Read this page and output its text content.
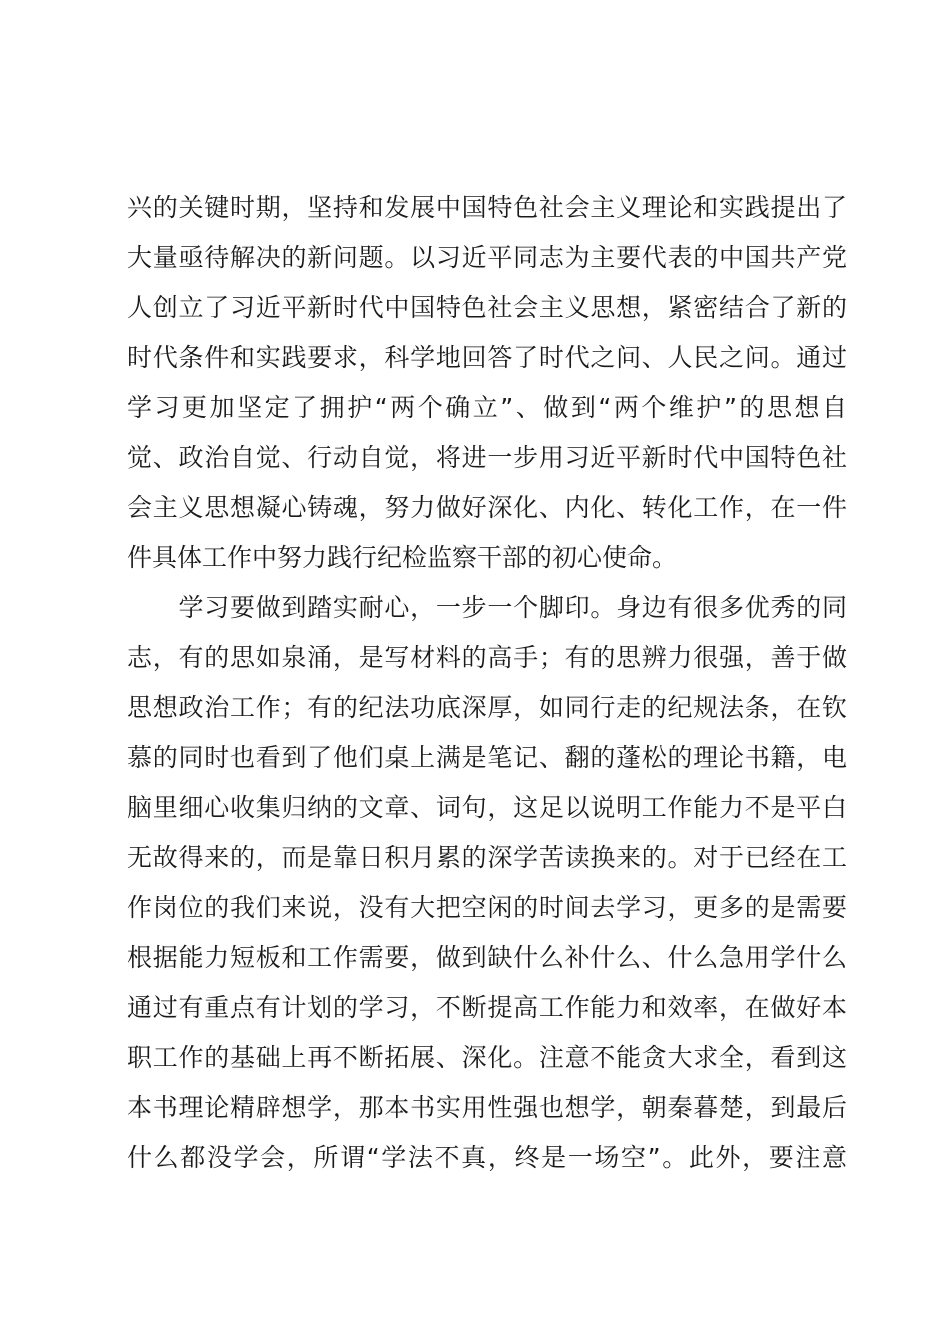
兴的关键时期，坚持和发展中国特色社会主义理论和实践提出了
大量亟待解决的新问题。以习近平同志为主要代表的中国共产党
人创立了习近平新时代中国特色社会主义思想，紧密结合了新的
时代条件和实践要求，科学地回答了时代之问、人民之问。通过
学习更加坚定了拥护“两个确立”、做到“两个维护”的思想自
觉、政治自觉、行动自觉，将进一步用习近平新时代中国特色社
会主义思想凝心铸魂，努力做好深化、内化、转化工作，在一件
件具体工作中努力践行纪检监察干部的初心使命。
　　学习要做到踏实耐心，一步一个脚印。身边有很多优秀的同
志，有的思如泉涌，是写材料的高手；有的思辨力很强，善于做
思想政治工作；有的纪法功底深厚，如同行走的纪规法条，在钦
慕的同时也看到了他们桌上满是笔记、翻的蓬松的理论书籍，电
脑里细心收集归纳的文章、词句，这足以说明工作能力不是平白
无故得来的，而是靠日积月累的深学苦读换来的。对于已经在工
作岗位的我们来说，没有大把空闲的时间去学习，更多的是需要
根据能力短板和工作需要，做到缺什么补什么、什么急用学什么
通过有重点有计划的学习，不断提高工作能力和效率，在做好本
职工作的基础上再不断拓展、深化。注意不能贪大求全，看到这
本书理论精辟想学，那本书实用性强也想学，朝秦暮楚，到最后
什么都没学会，所谓“学法不真，终是一场空”。此外，要注意
